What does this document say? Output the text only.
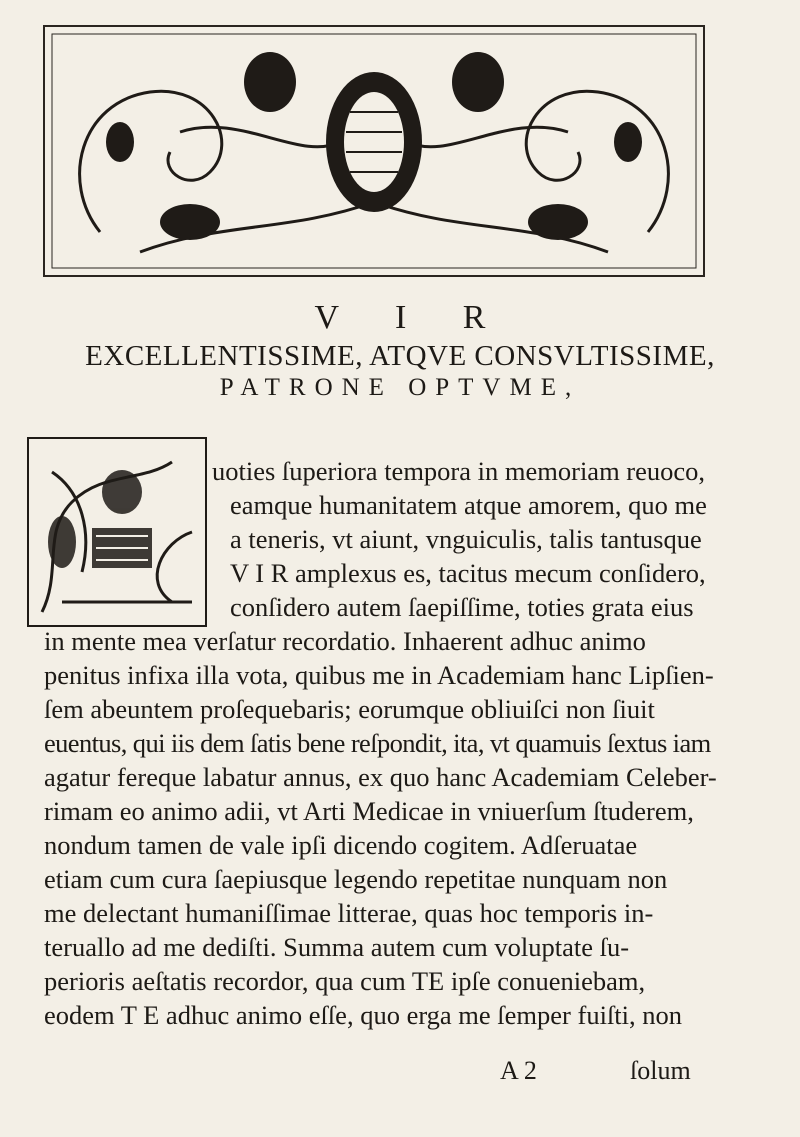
V I R
EXCELLENTISSIME, ATQVE CONSVLTISSIME,
PATRONE OPTVME,
uoties ſuperiora tempora in memoriam reuoco,
eamque humanitatem atque amorem, quo me
a teneris, vt aiunt, vnguiculis, talis tantusque
V I R amplexus es, tacitus mecum conſidero,
conſidero autem ſaepiſſime, toties grata eius
in mente mea verſatur recordatio. Inhaerent adhuc animo
penitus infixa illa vota, quibus me in Academiam hanc Lipſien-
ſem abeuntem proſequebaris; eorumque obliuiſci non ſiuit
euentus, qui iis dem ſatis bene reſpondit, ita, vt quamuis ſextus iam
agatur fereque labatur annus, ex quo hanc Academiam Celeber-
rimam eo animo adii, vt Arti Medicae in vniuerſum ſtuderem,
nondum tamen de vale ipſi dicendo cogitem. Adſeruatae
etiam cum cura ſaepiusque legendo repetitae nunquam non
me delectant humaniſſimae litterae, quas hoc temporis in-
teruallo ad me dediſti. Summa autem cum voluptate ſu-
perioris aeſtatis recordor, qua cum TE ipſe conueniebam,
eodem T E adhuc animo eſſe, quo erga me ſemper fuiſti, non
A 2	ſolum
